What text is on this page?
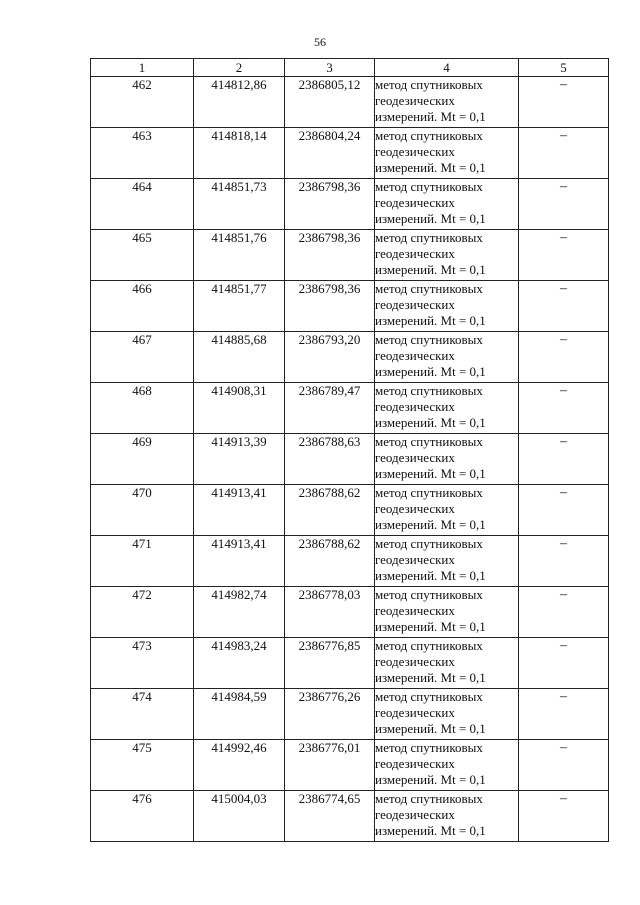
56
1	2	3	4	5
462	414812,86	2386805,12	метод спутниковых
геодезических
измерений. Mt = 0,1	–
463	414818,14	2386804,24	метод спутниковых
геодезических
измерений. Mt = 0,1	–
464	414851,73	2386798,36	метод спутниковых
геодезических
измерений. Mt = 0,1	–
465	414851,76	2386798,36	метод спутниковых
геодезических
измерений. Mt = 0,1	–
466	414851,77	2386798,36	метод спутниковых
геодезических
измерений. Mt = 0,1	–
467	414885,68	2386793,20	метод спутниковых
геодезических
измерений. Mt = 0,1	–
468	414908,31	2386789,47	метод спутниковых
геодезических
измерений. Mt = 0,1	–
469	414913,39	2386788,63	метод спутниковых
геодезических
измерений. Mt = 0,1	–
470	414913,41	2386788,62	метод спутниковых
геодезических
измерений. Mt = 0,1	–
471	414913,41	2386788,62	метод спутниковых
геодезических
измерений. Mt = 0,1	–
472	414982,74	2386778,03	метод спутниковых
геодезических
измерений. Mt = 0,1	–
473	414983,24	2386776,85	метод спутниковых
геодезических
измерений. Mt = 0,1	–
474	414984,59	2386776,26	метод спутниковых
геодезических
измерений. Mt = 0,1	–
475	414992,46	2386776,01	метод спутниковых
геодезических
измерений. Mt = 0,1	–
476	415004,03	2386774,65	метод спутниковых
геодезических
измерений. Mt = 0,1	–
